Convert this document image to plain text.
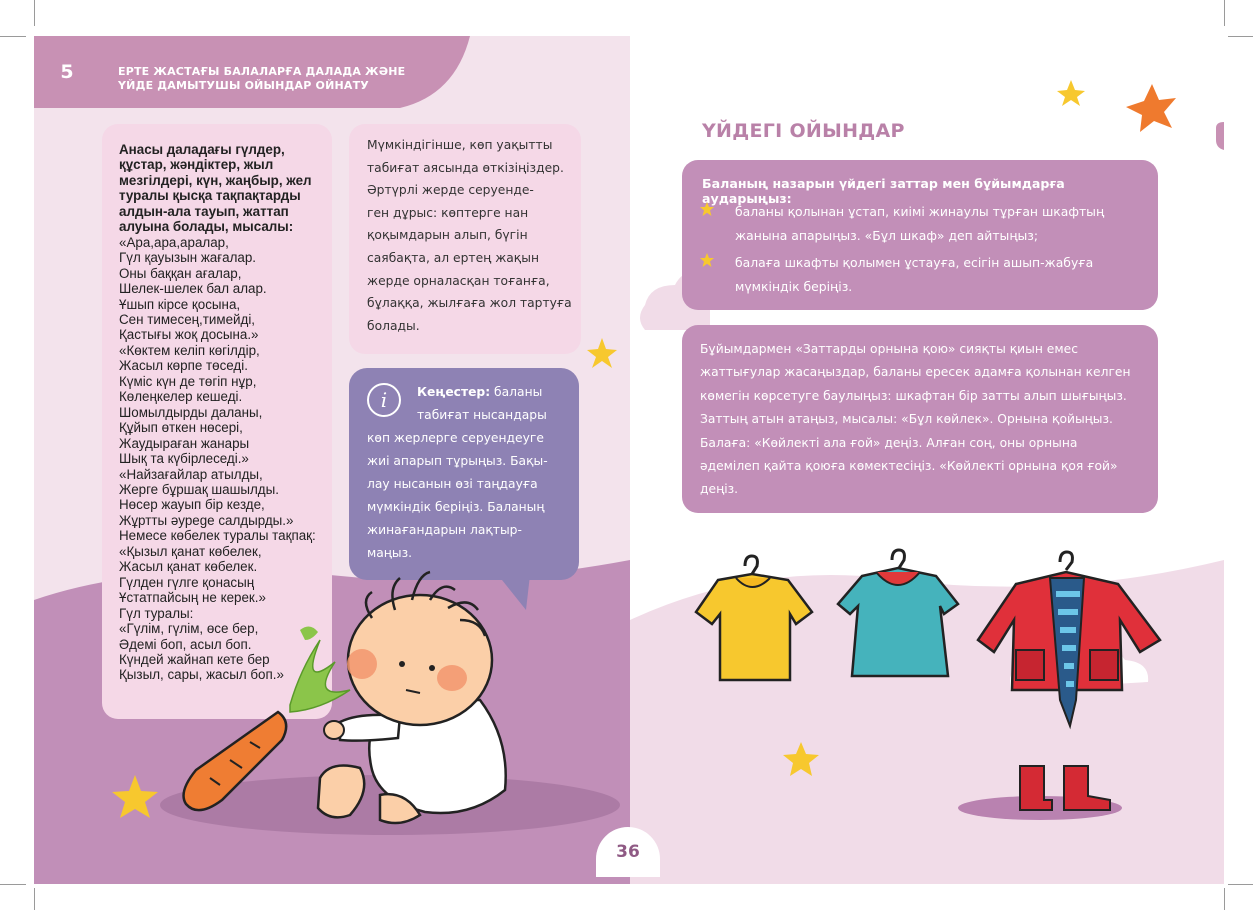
5	ЕРТЕ ЖАСТАҒЫ БАЛАЛАРҒА ДАЛАДА ЖӘНЕ
ҮЙДЕ ДАМЫТУШЫ ОЙЫНДАР ОЙНАТУ
Анасы даладағы гүлдер, құстар, жәндіктер, жыл мезгілдері, күн, жаңбыр, жел туралы қысқа тақпақтарды алдын-ала тауып, жаттап алуына болады, мысалы:
«Ара,ара,аралар,
Гүл қауызын жағалар.
Оны баққан ағалар,
Шелек-шелек бал алар.
Ұшып кірсе қосына,
Сен тимесең,тимейді,
Қастығы жоқ досына.»
«Көктем келіп көгілдір,
Жасыл көрпе төседі.
Күміс күн де төгіп нұр,
Көлеңкелер кешеді.
Шомылдырды даланы,
Құйып өткен нөсері,
Жаудыраған жанары
Шық та күбірлеседі.»
«Найзағайлар атылды,
Жерге бұршақ шашылды.
Нөсер жауып бір кезде,
Жұртты әурege салдырды.»
Немесе көбелек туралы тақпақ:
«Қызыл қанат көбелек,
Жасыл қанат көбелек.
Гүлден гүлге қонасың
Ұстатпайсың не керек.»
Гүл туралы:
«Гүлім, гүлім, өсе бер,
Әдемі боп, асыл боп.
Күндей жайнап кете бер
Қызыл, сары, жасыл боп.»
Мүмкіндігінше, көп уақытты
табиғат аясында өткізіңіздер.
Әртүрлі жерде серуенде-
ген дұрыс: көптерге нан
қоқымдарын алып, бүгін
саябақта, ал ертең жақын
жерде орналасқан тоғанға,
бұлаққа, жылғаға жол тартуға
болады.
i	Кеңестер: баланы
табиғат нысандары
көп жерлерге серуендеуге
жиі апарып тұрыңыз. Бақы-
лау нысанын өзі таңдауға
мүмкіндік беріңіз. Баланың
жинағандарын лақтыр-
маңыз.
ҮЙДЕГІ ОЙЫНДАР
Баланың назарын үйдегі заттар мен бұйымдарға аударыңыз:
баланы қолынан ұстап, киімі жинаулы тұрған шкафтың
жанына апарыңыз. «Бұл шкаф» деп айтыңыз;
балаға шкафты қолымен ұстауға, есігін ашып-жабуға
мүмкіндік беріңіз.
Бұйымдармен «Заттарды орнына қою» сияқты қиын емес
жаттығулар жасаңыздар, баланы ересек адамға қолынан келген
көмегін көрсетуге баулыңыз: шкафтан бір затты алып шығыңыз.
Заттың атын атаңыз, мысалы: «Бұл көйлек». Орнына қойыңыз.
Балаға: «Көйлекті ала ғой» деңіз. Алған соң, оны орнына
әдемілеп қайта қоюға көмектесіңіз. «Көйлекті орнына қоя ғой»
деңіз.
36
